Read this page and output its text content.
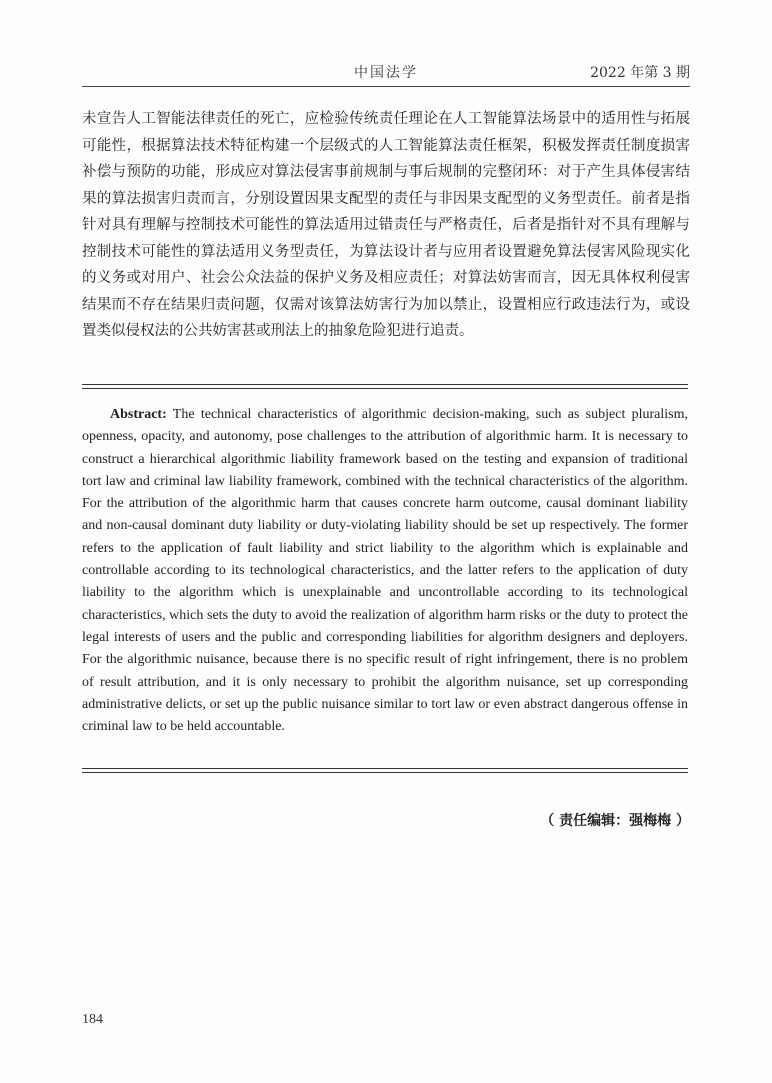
中国法学	2022 年第 3 期
未宣告人工智能法律责任的死亡，应检验传统责任理论在人工智能算法场景中的适用性与拓展可能性，根据算法技术特征构建一个层级式的人工智能算法责任框架，积极发挥责任制度损害补偿与预防的功能，形成应对算法侵害事前规制与事后规制的完整闭环：对于产生具体侵害结果的算法损害归责而言，分别设置因果支配型的责任与非因果支配型的义务型责任。前者是指针对具有理解与控制技术可能性的算法适用过错责任与严格责任，后者是指针对不具有理解与控制技术可能性的算法适用义务型责任，为算法设计者与应用者设置避免算法侵害风险现实化的义务或对用户、社会公众法益的保护义务及相应责任；对算法妨害而言，因无具体权利侵害结果而不存在结果归责问题，仅需对该算法妨害行为加以禁止，设置相应行政违法行为，或设置类似侵权法的公共妨害甚或刑法上的抽象危险犯进行追责。
Abstract: The technical characteristics of algorithmic decision-making, such as subject pluralism, openness, opacity, and autonomy, pose challenges to the attribution of algorithmic harm. It is necessary to construct a hierarchical algorithmic liability framework based on the testing and expansion of traditional tort law and criminal law liability framework, combined with the technical characteristics of the algorithm. For the attribution of the algorithmic harm that causes concrete harm outcome, causal dominant liability and non-causal dominant duty liability or duty-violating liability should be set up respectively. The former refers to the application of fault liability and strict liability to the algorithm which is explainable and controllable according to its technological characteristics, and the latter refers to the application of duty liability to the algorithm which is unexplainable and uncontrollable according to its technological characteristics, which sets the duty to avoid the realization of algorithm harm risks or the duty to protect the legal interests of users and the public and corresponding liabilities for algorithm designers and deployers. For the algorithmic nuisance, because there is no specific result of right infringement, there is no problem of result attribution, and it is only necessary to prohibit the algorithm nuisance, set up corresponding administrative delicts, or set up the public nuisance similar to tort law or even abstract dangerous offense in criminal law to be held accountable.
（ 责任编辑：强梅梅 ）
184
